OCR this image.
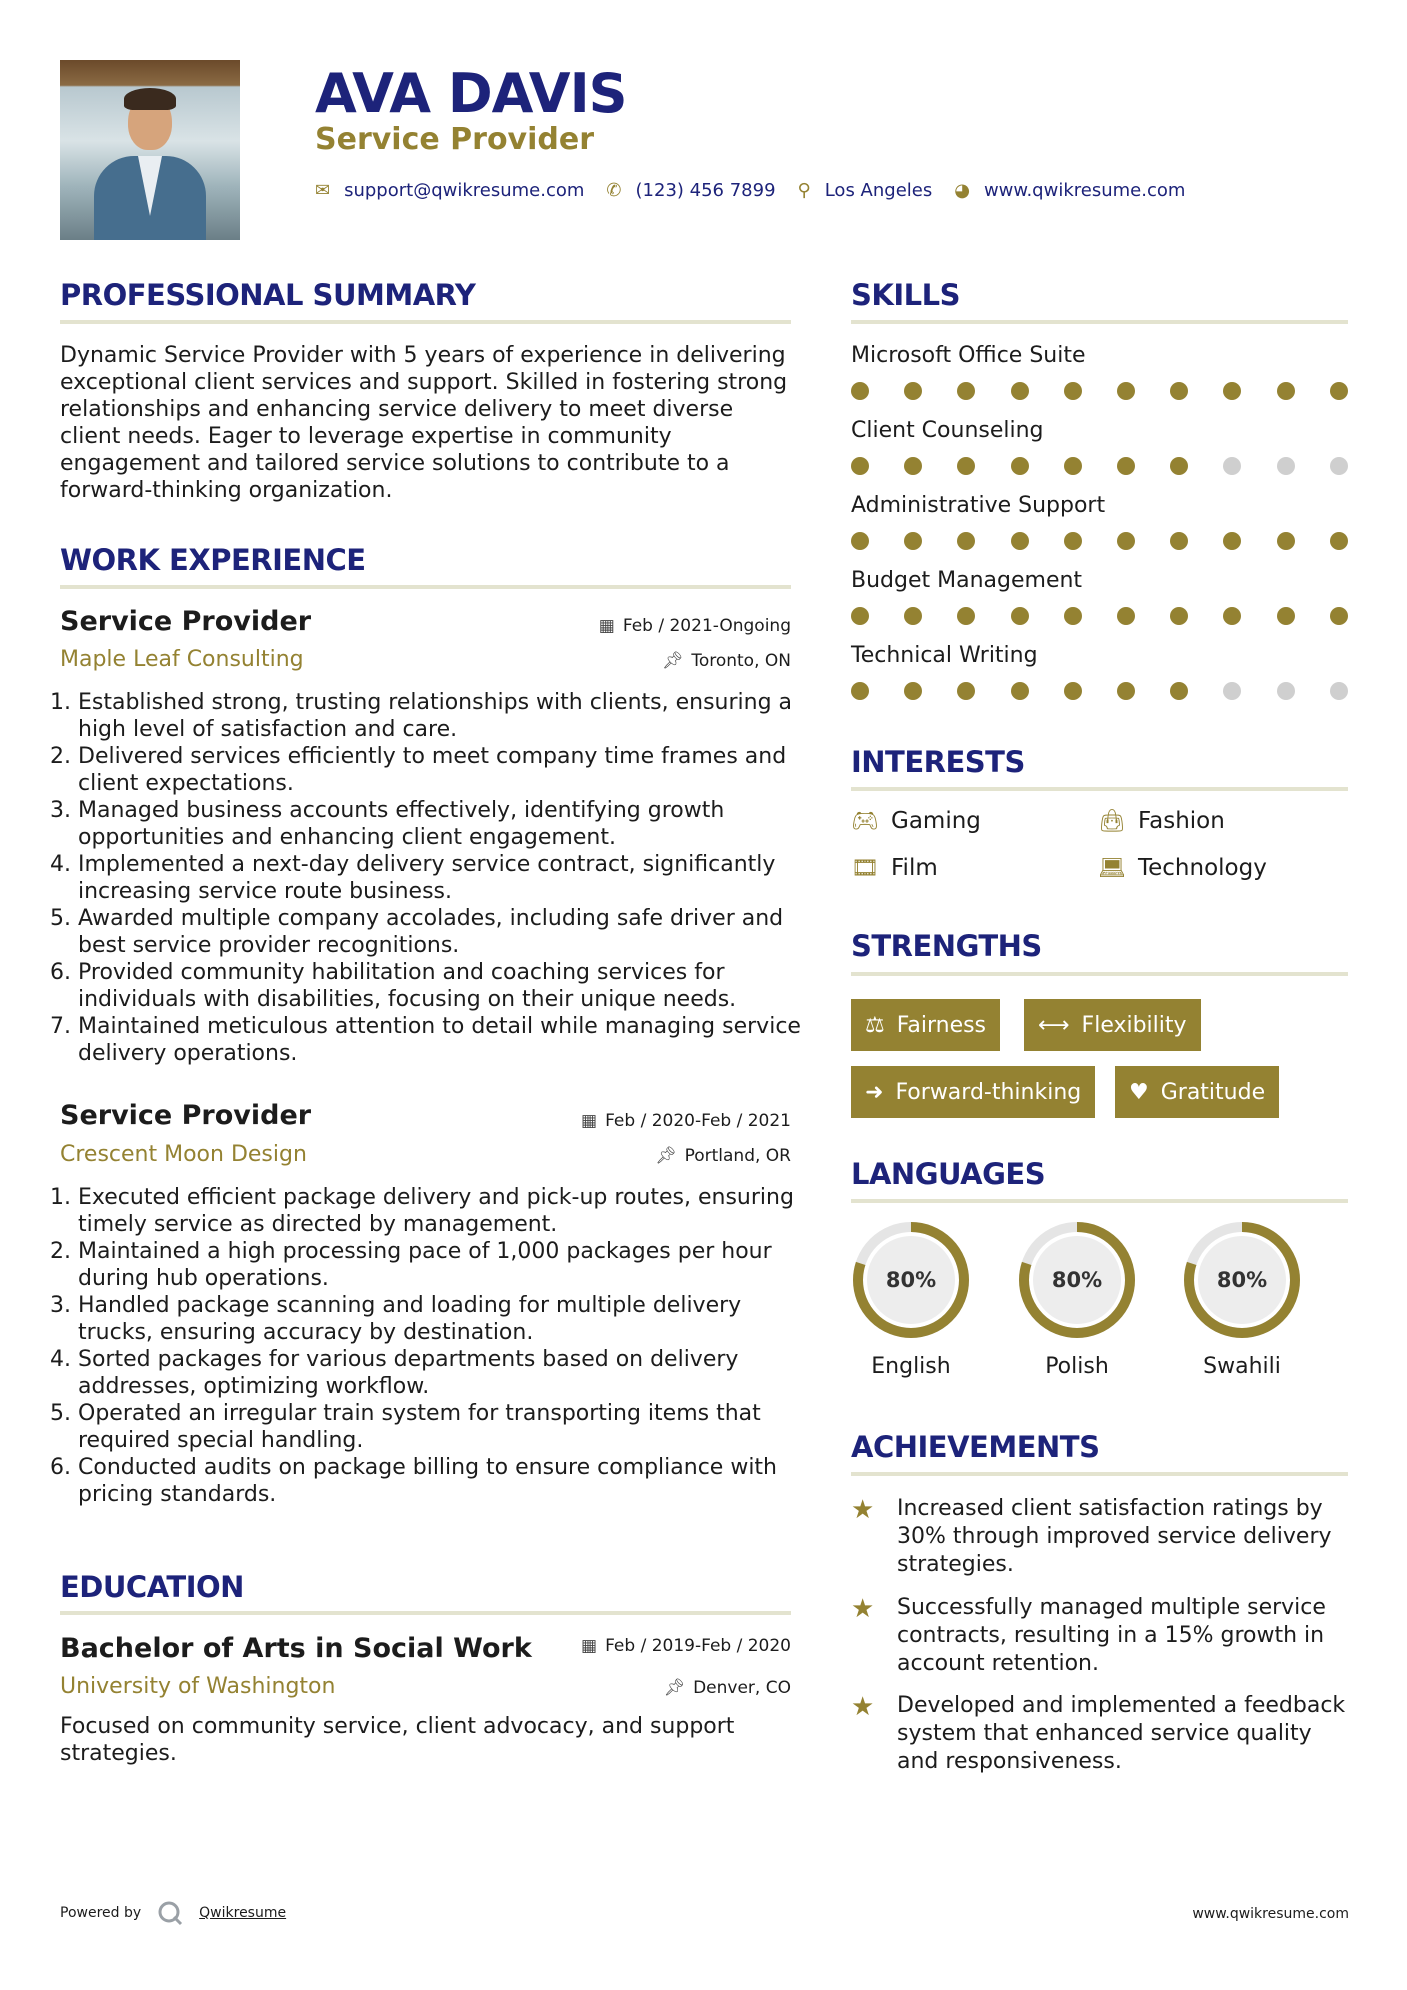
AVA DAVIS
Service Provider
✉ support@qwikresume.com ✆ (123) 456 7899 ⚲ Los Angeles ◕ www.qwikresume.com
PROFESSIONAL SUMMARY

Dynamic Service Provider with 5 years of experience in delivering exceptional client services and support. Skilled in fostering strong relationships and enhancing service delivery to meet diverse client needs. Eager to leverage expertise in community engagement and tailored service solutions to contribute to a forward-thinking organization.

WORK EXPERIENCE
Service Provider	▦ Feb / 2021-Ongoing

Maple Leaf Consulting	📌︎ Toronto, ON
1. Established strong, trusting relationships with clients, ensuring a high level of satisfaction and care.
2. Delivered services efficiently to meet company time frames and client expectations.
3. Managed business accounts effectively, identifying growth opportunities and enhancing client engagement.
4. Implemented a next-day delivery service contract, significantly increasing service route business.
5. Awarded multiple company accolades, including safe driver and best service provider recognitions.
6. Provided community habilitation and coaching services for individuals with disabilities, focusing on their unique needs.
7. Maintained meticulous attention to detail while managing service delivery operations.
Service Provider	▦ Feb / 2020-Feb / 2021

Crescent Moon Design	📌︎ Portland, OR
1. Executed efficient package delivery and pick-up routes, ensuring timely service as directed by management.
2. Maintained a high processing pace of 1,000 packages per hour during hub operations.
3. Handled package scanning and loading for multiple delivery trucks, ensuring accuracy by destination.
4. Sorted packages for various departments based on delivery addresses, optimizing workflow.
5. Operated an irregular train system for transporting items that required special handling.
6. Conducted audits on package billing to ensure compliance with pricing standards.
EDUCATION
Bachelor of Arts in Social Work	▦ Feb / 2019-Feb / 2020

University of Washington	📌︎ Denver, CO

Focused on community service, client advocacy, and support strategies.

SKILLS

Microsoft Office Suite

Client Counseling

Administrative Support

Budget Management

Technical Writing

INTERESTS
🎮︎ Gaming	👜︎ Fashion
🎞︎ Film	💻︎ Technology
STRENGTHS
⚖ Fairness ⟷ Flexibility
➜ Forward-thinking ♥ Gratitude
LANGUAGES
80%
English
80%
Polish
80%
Swahili
ACHIEVEMENTS
★	Increased client satisfaction ratings by 30% through improved service delivery strategies.
★	Successfully managed multiple service contracts, resulting in a 15% growth in account retention.
★	Developed and implemented a feedback system that enhanced service quality and responsiveness.
Powered by	Qwikresume	www.qwikresume.com
